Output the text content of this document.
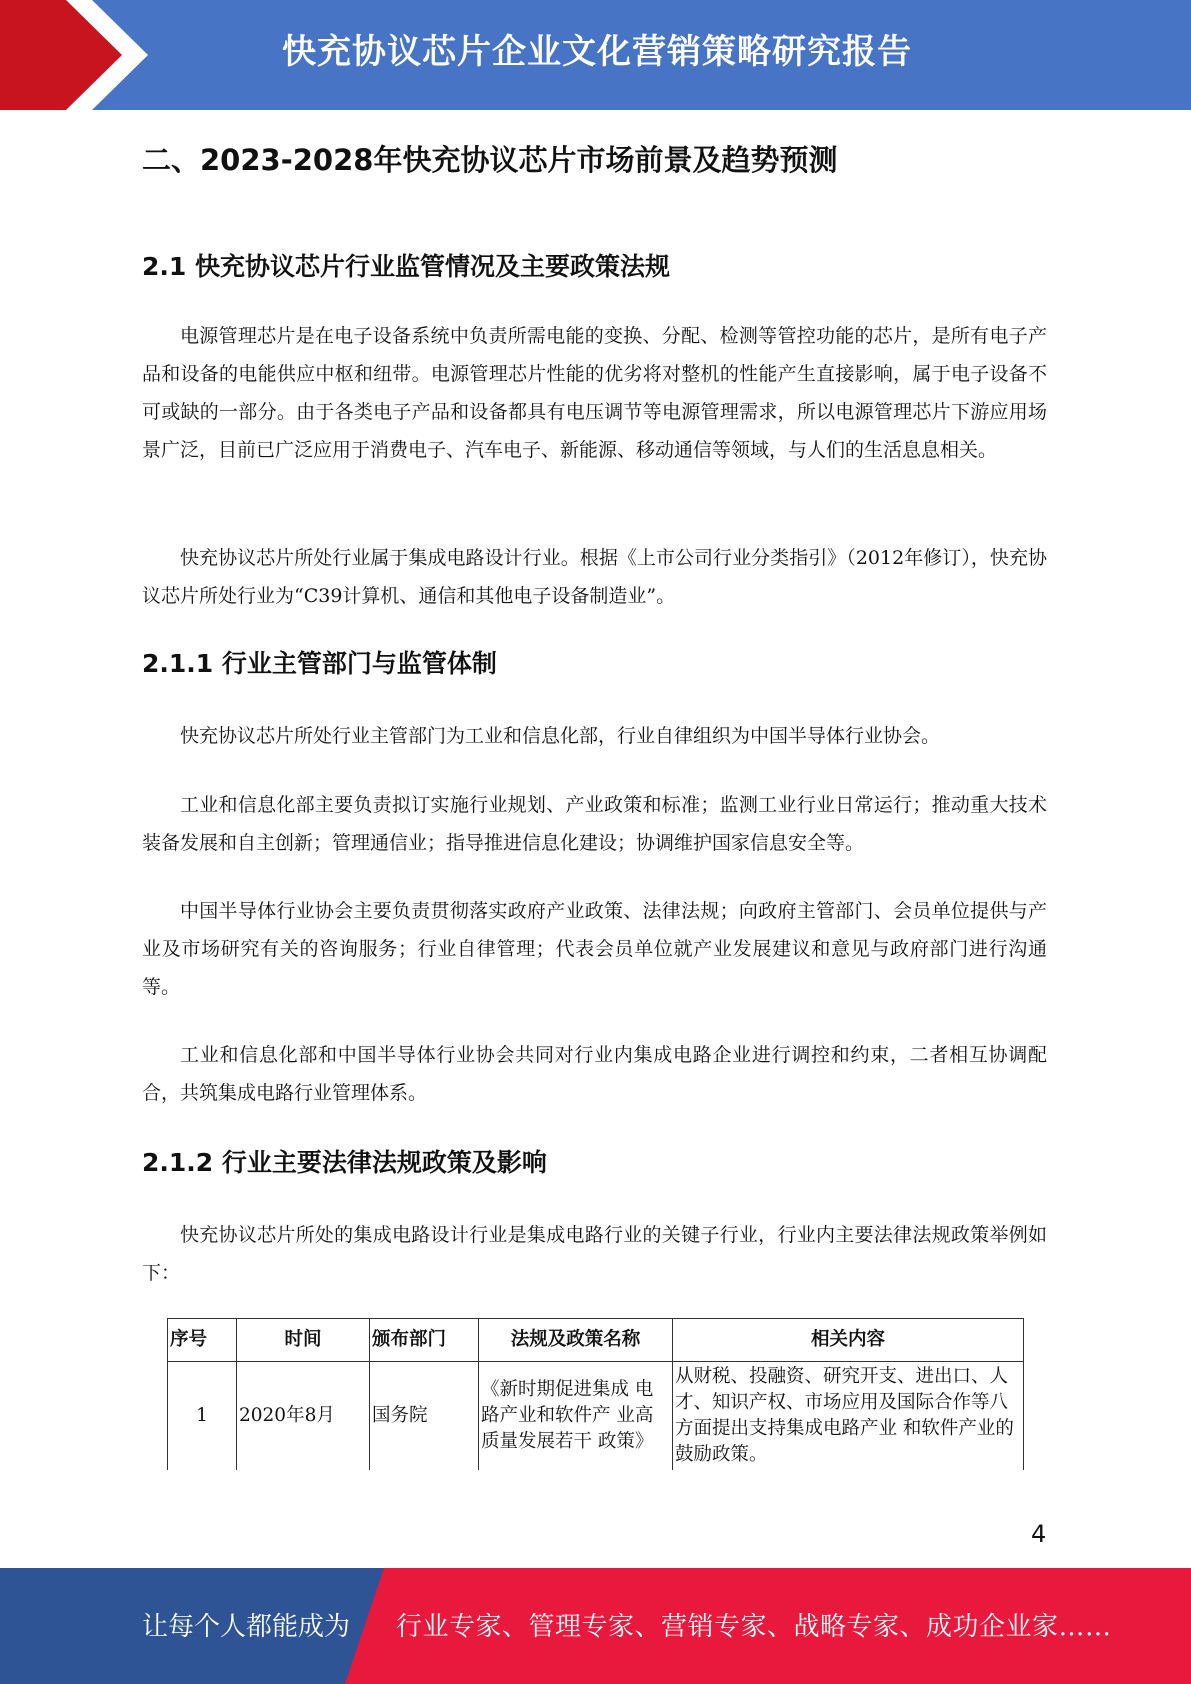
快充协议芯片企业文化营销策略研究报告
二、2023-2028年快充协议芯片市场前景及趋势预测
2.1 快充协议芯片行业监管情况及主要政策法规

电源管理芯片是在电子设备系统中负责所需电能的变换、分配、检测等管控功能的芯片，是所有电子产品和设备的电能供应中枢和纽带。电源管理芯片性能的优劣将对整机的性能产生直接影响，属于电子设备不可或缺的一部分。由于各类电子产品和设备都具有电压调节等电源管理需求，所以电源管理芯片下游应用场景广泛，目前已广泛应用于消费电子、汽车电子、新能源、移动通信等领域，与人们的生活息息相关。

快充协议芯片所处行业属于集成电路设计行业。根据《上市公司行业分类指引》（2012年修订），快充协议芯片所处行业为“C39计算机、通信和其他电子设备制造业”。

2.1.1 行业主管部门与监管体制

快充协议芯片所处行业主管部门为工业和信息化部，行业自律组织为中国半导体行业协会。

工业和信息化部主要负责拟订实施行业规划、产业政策和标准；监测工业行业日常运行；推动重大技术装备发展和自主创新；管理通信业；指导推进信息化建设；协调维护国家信息安全等。

中国半导体行业协会主要负责贯彻落实政府产业政策、法律法规；向政府主管部门、会员单位提供与产业及市场研究有关的咨询服务；行业自律管理；代表会员单位就产业发展建议和意见与政府部门进行沟通等。

工业和信息化部和中国半导体行业协会共同对行业内集成电路企业进行调控和约束，二者相互协调配合，共筑集成电路行业管理体系。

2.1.2 行业主要法律法规政策及影响

快充协议芯片所处的集成电路设计行业是集成电路行业的关键子行业，行业内主要法律法规政策举例如下：

序号	时间	颁布部门	法规及政策名称	相关内容
1	2020年8月	国务院	《新时期促进集成 电路产业和软件产 业高质量发展若干 政策》	从财税、投融资、研究开支、进出口、人才、知识产权、市场应用及国际合作等八方面提出支持集成电路产业 和软件产业的鼓励政策。
4
让每个人都能成为 行业专家、管理专家、营销专家、战略专家、成功企业家……
